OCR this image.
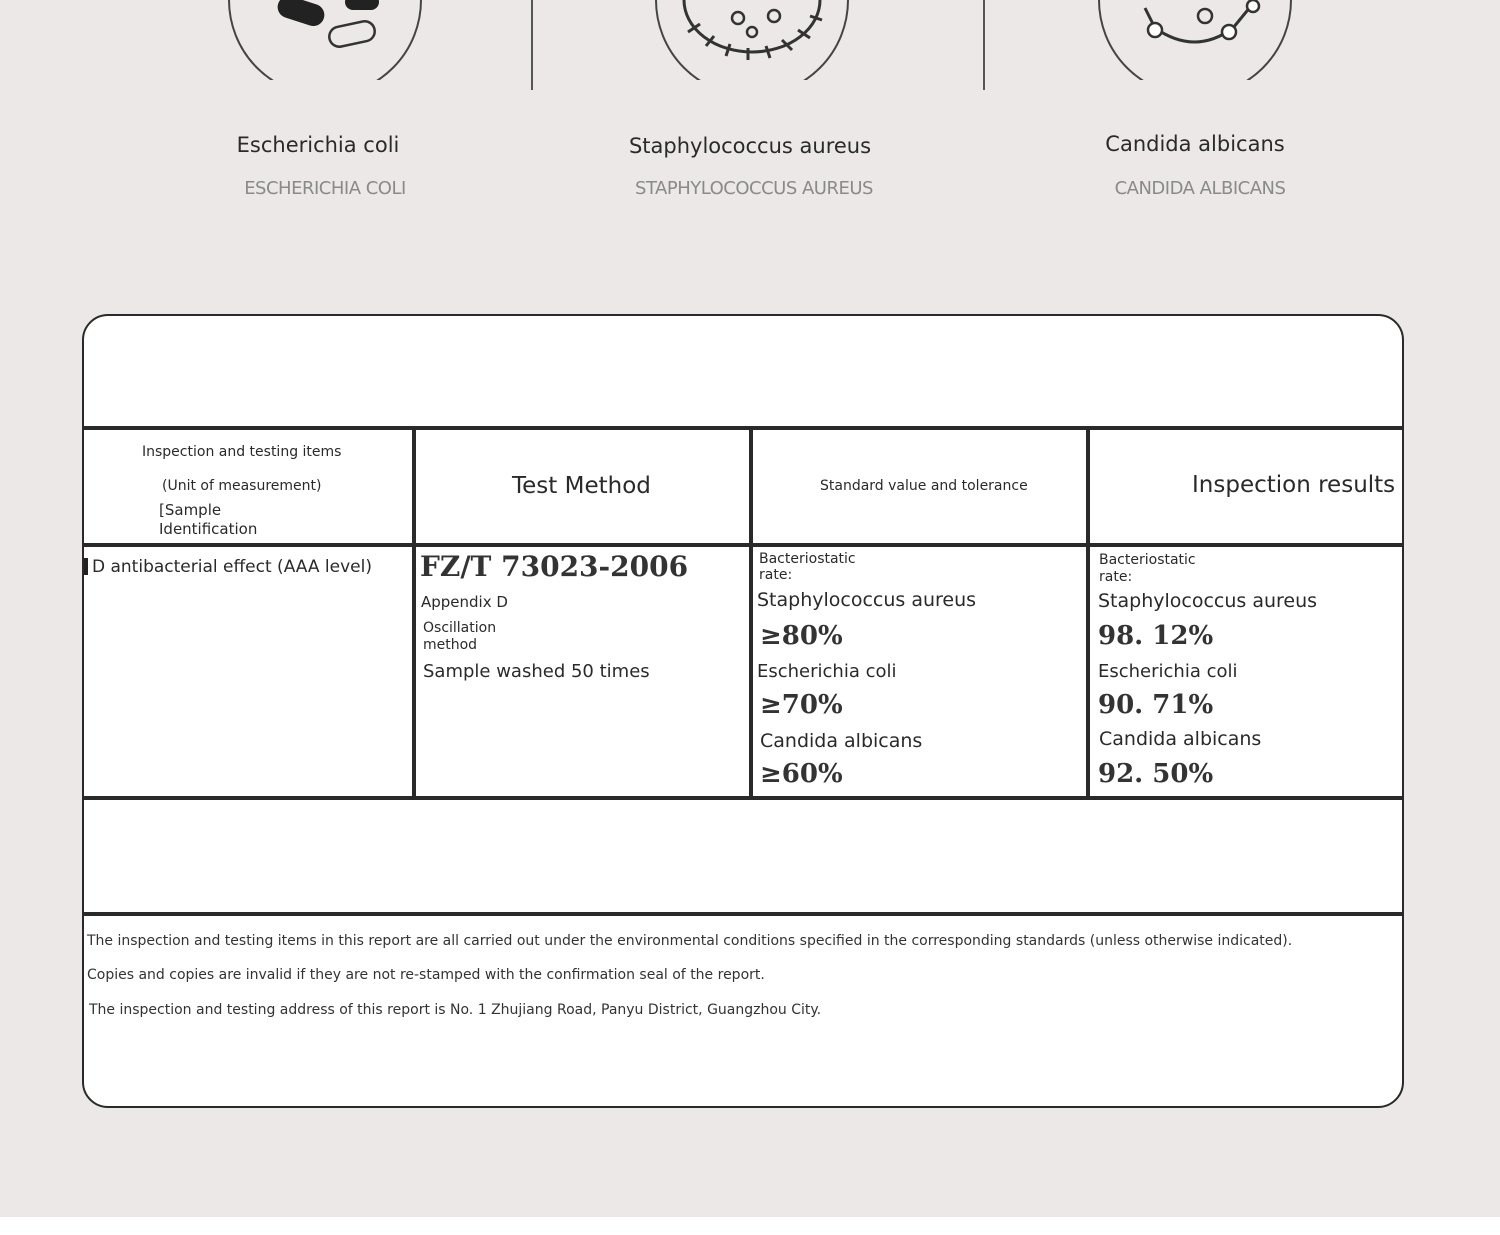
Escherichia coli
ESCHERICHIA COLI
Staphylococcus aureus
STAPHYLOCOCCUS AUREUS
Candida albicans
CANDIDA ALBICANS
Inspection and testing items
(Unit of measurement)
[Sample
Identification
Test Method	Standard value and tolerance	Inspection results
D antibacterial effect (AAA level) FZ/T 73023-2006
Appendix D
Oscillation
method
Sample washed 50 times
Bacteriostatic
rate:
Staphylococcus aureus
≥80%
Escherichia coli
≥70%
Candida albicans
≥60%
Bacteriostatic
rate:
Staphylococcus aureus
98. 12%
Escherichia coli
90. 71%
Candida albicans
92. 50%
The inspection and testing items in this report are all carried out under the environmental conditions specified in the corresponding standards (unless otherwise indicated).
Copies and copies are invalid if they are not re-stamped with the confirmation seal of the report.
The inspection and testing address of this report is No. 1 Zhujiang Road, Panyu District, Guangzhou City.
